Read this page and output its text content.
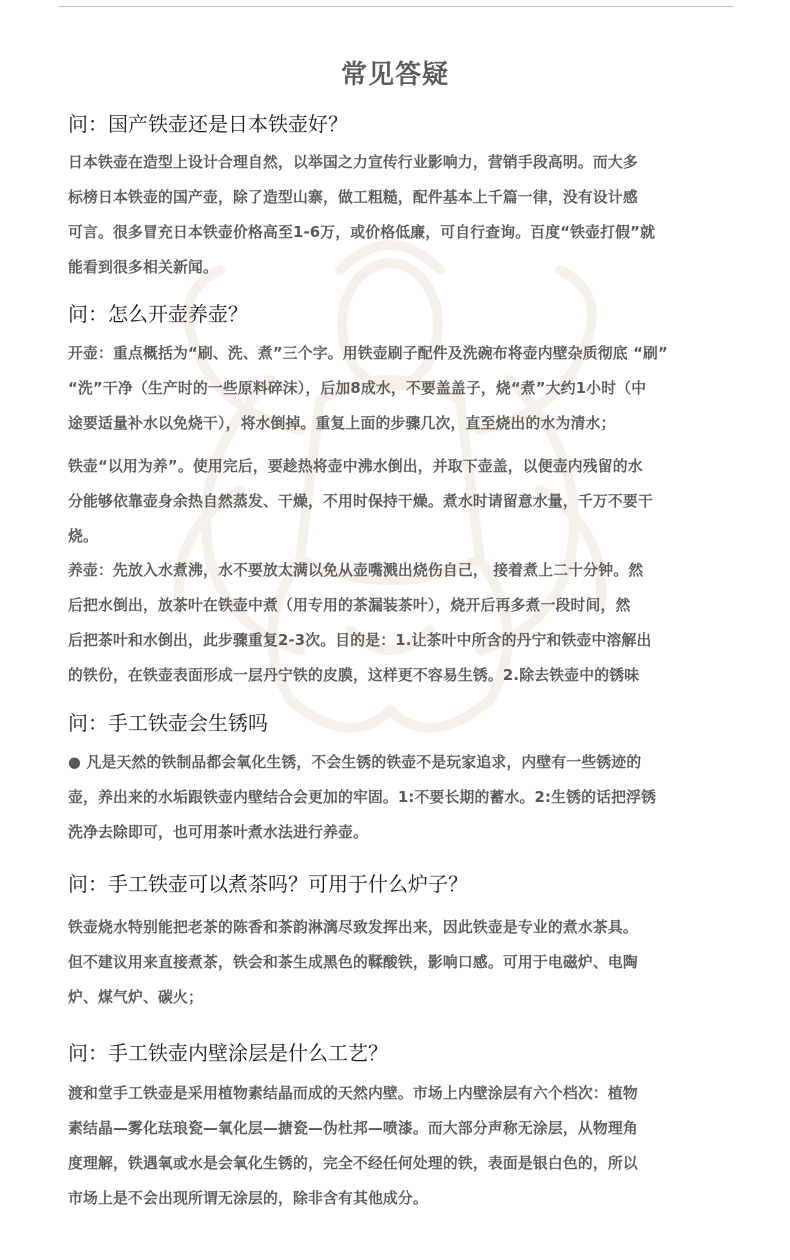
常见答疑
问：国产铁壶还是日本铁壶好？
日本铁壶在造型上设计合理自然，以举国之力宣传行业影响力，营销手段高明。而大多
标榜日本铁壶的国产壶，除了造型山寨，做工粗糙，配件基本上千篇一律，没有设计感
可言。很多冒充日本铁壶价格高至1-6万，或价格低廉，可自行查询。百度“铁壶打假”就
能看到很多相关新闻。
问：怎么开壶养壶？
开壶：重点概括为“刷、洗、煮”三个字。用铁壶刷子配件及洗碗布将壶内壁杂质彻底 “刷”
“洗”干净（生产时的一些原料碎沫），后加8成水，不要盖盖子，烧“煮”大约1小时（中
途要适量补水以免烧干），将水倒掉。重复上面的步骤几次，直至烧出的水为清水；
铁壶“以用为养”。使用完后，要趁热将壶中沸水倒出，并取下壶盖，以便壶内残留的水
分能够依靠壶身余热自然蒸发、干燥，不用时保持干燥。煮水时请留意水量，千万不要干
烧。
养壶：先放入水煮沸，水不要放太满以免从壶嘴溅出烧伤自己， 接着煮上二十分钟。然
后把水倒出，放茶叶在铁壶中煮（用专用的茶漏装茶叶），烧开后再多煮一段时间，然
后把茶叶和水倒出，此步骤重复2-3次。目的是：1.让茶叶中所含的丹宁和铁壶中溶解出
的铁份，在铁壶表面形成一层丹宁铁的皮膜，这样更不容易生锈。2.除去铁壶中的锈味
问：手工铁壶会生锈吗
● 凡是天然的铁制品都会氧化生锈，不会生锈的铁壶不是玩家追求，内壁有一些锈迹的
壶，养出来的水垢跟铁壶内壁结合会更加的牢固。1:不要长期的蓄水。2:生锈的话把浮锈
洗净去除即可，也可用茶叶煮水法进行养壶。
问：手工铁壶可以煮茶吗？可用于什么炉子？
铁壶烧水特别能把老茶的陈香和茶韵淋漓尽致发挥出来，因此铁壶是专业的煮水茶具。
但不建议用来直接煮茶，铁会和茶生成黑色的鞣酸铁，影响口感。可用于电磁炉、电陶
炉、煤气炉、碳火；
问：手工铁壶内壁涂层是什么工艺？
渡和堂手工铁壶是采用植物素结晶而成的天然内壁。市场上内壁涂层有六个档次：植物
素结晶—雾化珐琅瓷—氧化层—搪瓷—伪杜邦—喷漆。而大部分声称无涂层，从物理角
度理解，铁遇氧或水是会氧化生锈的，完全不经任何处理的铁，表面是银白色的，所以
市场上是不会出现所谓无涂层的，除非含有其他成分。
